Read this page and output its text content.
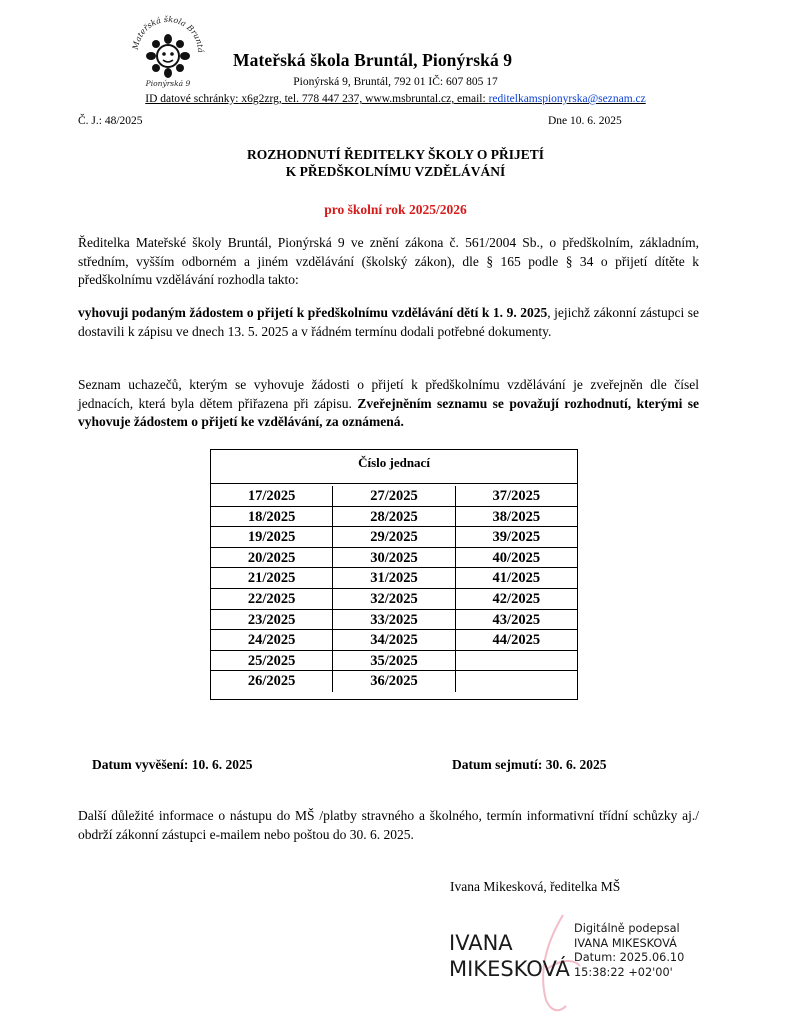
Mateřská škola Bruntá
Pionýrská 9
Mateřská škola Bruntál, Pionýrská 9
Pionýrská 9, Bruntál, 792 01 IČ: 607 805 17
ID datové schránky: x6g2zrg, tel. 778 447 237, www.msbruntal.cz, email: reditelkamspionyrska@seznam.cz
Č. J.: 48/2025	Dne 10. 6. 2025
ROZHODNUTÍ ŘEDITELKY ŠKOLY O PŘIJETÍ
K PŘEDŠKOLNÍMU VZDĚLÁVÁNÍ
pro školní rok 2025/2026
Ředitelka Mateřské školy Bruntál, Pionýrská 9 ve znění zákona č. 561/2004 Sb., o předškolním, základním, středním, vyšším odborném a jiném vzdělávání (školský zákon), dle § 165 podle § 34 o přijetí dítěte k předškolnímu vzdělávání rozhodla takto:
vyhovuji podaným žádostem o přijetí k předškolnímu vzdělávání dětí k 1. 9. 2025, jejichž zákonní zástupci se dostavili k zápisu ve dnech 13. 5. 2025 a v řádném termínu dodali potřebné dokumenty.
Seznam uchazečů, kterým se vyhovuje žádosti o přijetí k předškolnímu vzdělávání je zveřejněn dle čísel jednacích, která byla dětem přiřazena při zápisu. Zveřejněním seznamu se považují rozhodnutí, kterými se vyhovuje žádostem o přijetí ke vzdělávání, za oznámená.
Číslo jednací
17/2025	27/2025	37/2025
18/2025	28/2025	38/2025
19/2025	29/2025	39/2025
20/2025	30/2025	40/2025
21/2025	31/2025	41/2025
22/2025	32/2025	42/2025
23/2025	33/2025	43/2025
24/2025	34/2025	44/2025
25/2025	35/2025
26/2025	36/2025
Datum vyvěšení: 10. 6. 2025	Datum sejmutí: 30. 6. 2025
Další důležité informace o nástupu do MŠ /platby stravného a školného, termín informativní třídní schůzky aj./ obdrží zákonní zástupci e-mailem nebo poštou do 30. 6. 2025.
Ivana Mikesková, ředitelka MŠ
IVANA
MIKESKOVÁ
Digitálně podepsal
IVANA MIKESKOVÁ
Datum: 2025.06.10
15:38:22 +02'00'
